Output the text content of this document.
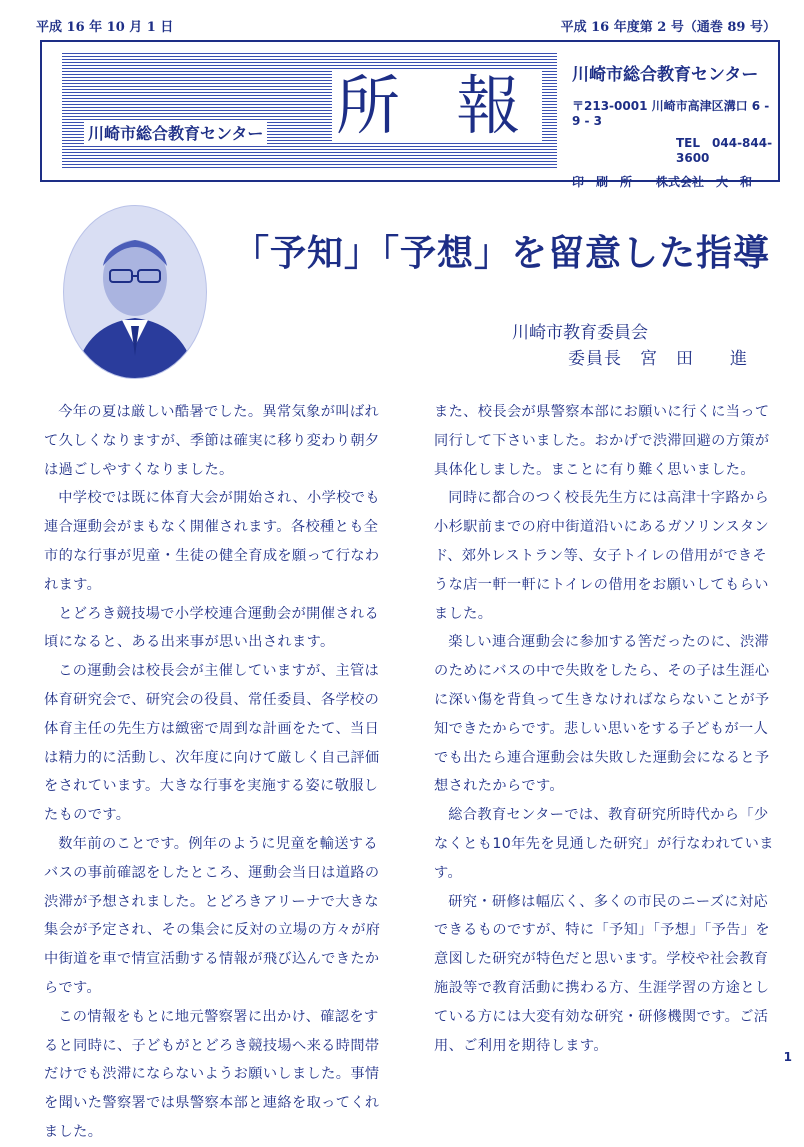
平成 16 年 10 月 1 日	平成 16 年度第 2 号（通巻 89 号）
川崎市総合教育センター 所 報 川崎市総合教育センター
〒213-0001 川崎市高津区溝口 6 - 9 - 3
TEL　044-844-3600
印　刷　所　　株式会社　大　和
「予知」「予想」を留意した指導
川崎市教育委員会
委員長　宮　田　　進

今年の夏は厳しい酷暑でした。異常気象が叫ばれて久しくなりますが、季節は確実に移り変わり朝夕は過ごしやすくなりました。

中学校では既に体育大会が開始され、小学校でも連合運動会がまもなく開催されます。各校種とも全市的な行事が児童・生徒の健全育成を願って行なわれます。

とどろき競技場で小学校連合運動会が開催される頃になると、ある出来事が思い出されます。

この運動会は校長会が主催していますが、主管は体育研究会で、研究会の役員、常任委員、各学校の体育主任の先生方は緻密で周到な計画をたて、当日は精力的に活動し、次年度に向けて厳しく自己評価をされています。大きな行事を実施する姿に敬服したものです。

数年前のことです。例年のように児童を輸送するバスの事前確認をしたところ、運動会当日は道路の渋滞が予想されました。とどろきアリーナで大きな集会が予定され、その集会に反対の立場の方々が府中街道を車で情宣活動する情報が飛び込んできたからです。

この情報をもとに地元警察署に出かけ、確認をすると同時に、子どもがとどろき競技場へ来る時間帯だけでも渋滞にならないようお願いしました。事情を聞いた警察署では県警察本部と連絡を取ってくれました。

また、校長会が県警察本部にお願いに行くに当って同行して下さいました。おかげで渋滞回避の方策が具体化しました。まことに有り難く思いました。

同時に都合のつく校長先生方には高津十字路から小杉駅前までの府中街道沿いにあるガソリンスタンド、郊外レストラン等、女子トイレの借用ができそうな店一軒一軒にトイレの借用をお願いしてもらいました。

楽しい連合運動会に参加する筈だったのに、渋滞のためにバスの中で失敗をしたら、その子は生涯心に深い傷を背負って生きなければならないことが予知できたからです。悲しい思いをする子どもが一人でも出たら連合運動会は失敗した運動会になると予想されたからです。

総合教育センターでは、教育研究所時代から「少なくとも10年先を見通した研究」が行なわれています。

研究・研修は幅広く、多くの市民のニーズに対応できるものですが、特に「予知」「予想」「予告」を意図した研究が特色だと思います。学校や社会教育施設等で教育活動に携わる方、生涯学習の方途としている方には大変有効な研究・研修機関です。ご活用、ご利用を期待します。

1
